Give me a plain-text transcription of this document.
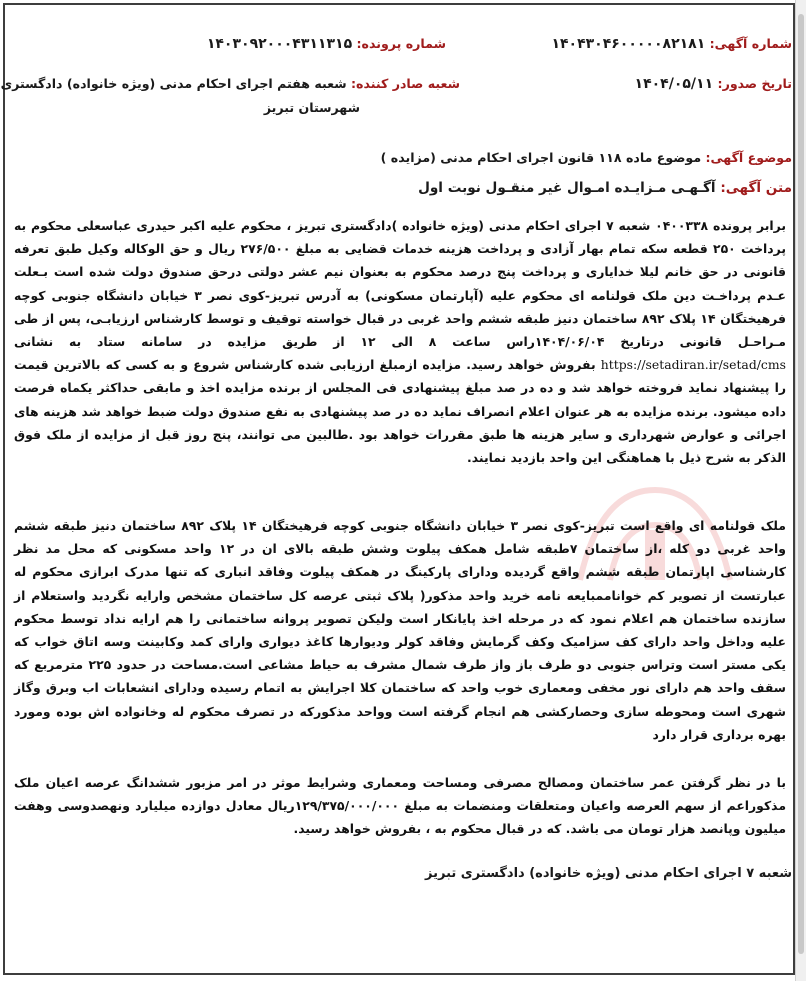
شماره آگهی: ۱۴۰۴۳۰۴۶۰۰۰۰۰۸۲۱۸۱
شماره پرونده: ۱۴۰۳۰۹۲۰۰۰۴۳۱۱۳۱۵
تاریخ صدور: ۱۴۰۴/۰۵/۱۱
شعبه صادر کننده: شعبه هفتم اجرای احکام مدنی (ویژه خانواده) دادگستری
شهرستان تبریز
موضوع آگهی: موضوع ماده ۱۱۸ قانون اجرای احکام مدنی (مزایده )
متن آگهی: آگـهـی مـزایـده امـوال غیر منقـول نوبت اول
برابر پرونده ۰۴۰۰۳۳۸ شعبه ۷ اجرای احکام مدنی (ویژه خانواده )دادگستری تبریز ، محکوم علیه اکبر حیدری عباسعلی محکوم به پرداخت ۲۵۰ قطعه سکه تمام بهار آزادی و پرداخت هزینه خدمات قضایی به مبلغ ۲۷۶/۵۰۰ ریال و حق الوکاله وکیل طبق تعرفه قانونی در حق خانم لیلا خدایاری و پرداخت پنج درصد محکوم به بعنوان نیم عشر دولتی درحق صندوق دولت شده است بـعلت عـدم پرداخـت دین ملک قولنامه ای محکوم علیه (آپارتمان مسکونی) به آدرس تبریز-کوی نصر ۳ خیابان دانشگاه جنوبی کوچه فرهیختگان ۱۴ پلاک ۸۹۲ ساختمان دنیز طبقه ششم واحد غربی در قبال خواسته توقیف و توسط کارشناس ارزیابـی، پس از طی مـراحـل قانونی درتاریخ ۱۴۰۴/۰۶/۰۴راس ساعت ۸ الی ۱۲ از طریق مزایده در سامانه ستاد به نشانی https://setadiran.ir/setad/cms بفروش خواهد رسید. مزایده ازمبلغ ارزیابی شده کارشناس شروع و به کسی که بالاترین قیمت را پیشنهاد نماید فروخته خواهد شد و ده در صد مبلغ پیشنهادی فی المجلس از برنده مزایده اخذ و مابقی حداکثر یکماه فرصت داده میشود. برنده مزایده به هر عنوان اعلام انصراف نماید ده در صد پیشنهادی به نفع صندوق دولت ضبط خواهد شد هزینه های اجرائی و عوارض شهرداری و سایر هزینه ها طبق مقررات خواهد بود .طالبین می توانند، پنج روز قبل از مزایده از ملک فوق الذکر به شرح ذیل با هماهنگی این واحد بازدید نمایند.
ملک قولنامه ای واقع است تبریز-کوی نصر ۳ خیابان دانشگاه جنوبی کوچه فرهیختگان ۱۴ پلاک ۸۹۲ ساختمان دنیز طبقه ششم واحد غربی دو کله ،از ساختمان ۷طبقه شامل همکف پیلوت وشش طبقه بالای ان در ۱۲ واحد مسکونی که محل مد نظر کارشناسی اپارتمان طبقه ششم واقع گردیده ودارای پارکینگ در همکف پیلوت وفاقد انباری که تنها مدرک ابرازی محکوم له عبارتست از تصویر کم خواناممبایعه نامه خرید واحد مذکور( پلاک ثبتی عرصه کل ساختمان مشخص وارایه نگردید واستعلام از سازنده ساختمان هم اعلام نمود که در مرحله اخذ پایانکار است ولیکن تصویر پروانه ساختمانی را هم ارایه نداد توسط محکوم علیه وداخل واحد دارای کف سزامیک وکف گرمایش وفاقد کولر ودیوارها کاغذ دیواری وارای کمد وکابینت وسه اتاق خواب که یکی مستر است وتراس جنوبی دو طرف باز واز طرف شمال مشرف به حیاط مشاعی است.مساحت در حدود ۲۲۵ مترمربع که سقف واحد هم دارای نور مخفی ومعماری خوب واحد که ساختمان کلا اجرایش به اتمام رسیده ودارای انشعابات اب وبرق وگاز شهری است ومحوطه سازی وحصارکشی هم انجام گرفته است وواحد مذکورکه در تصرف محکوم له وخانواده اش بوده ومورد بهره برداری قرار دارد
با در نظر گرفتن عمر ساختمان ومصالح مصرفی ومساحت ومعماری وشرایط موثر در امر مزبور ششدانگ عرصه اعیان ملک مذکوراعم از سهم العرصه واعیان ومتعلقات ومنضمات به مبلغ ۱۲۹/۳۷۵/۰۰۰/۰۰۰ریال معادل دوازده میلیارد ونهصدوسی وهفت میلیون وپانصد هزار تومان می باشد. که در قبال محکوم به ، بفروش خواهد رسید.
شعبه ۷ اجرای احکام مدنی (ویژه خانواده) دادگستری تبریز
